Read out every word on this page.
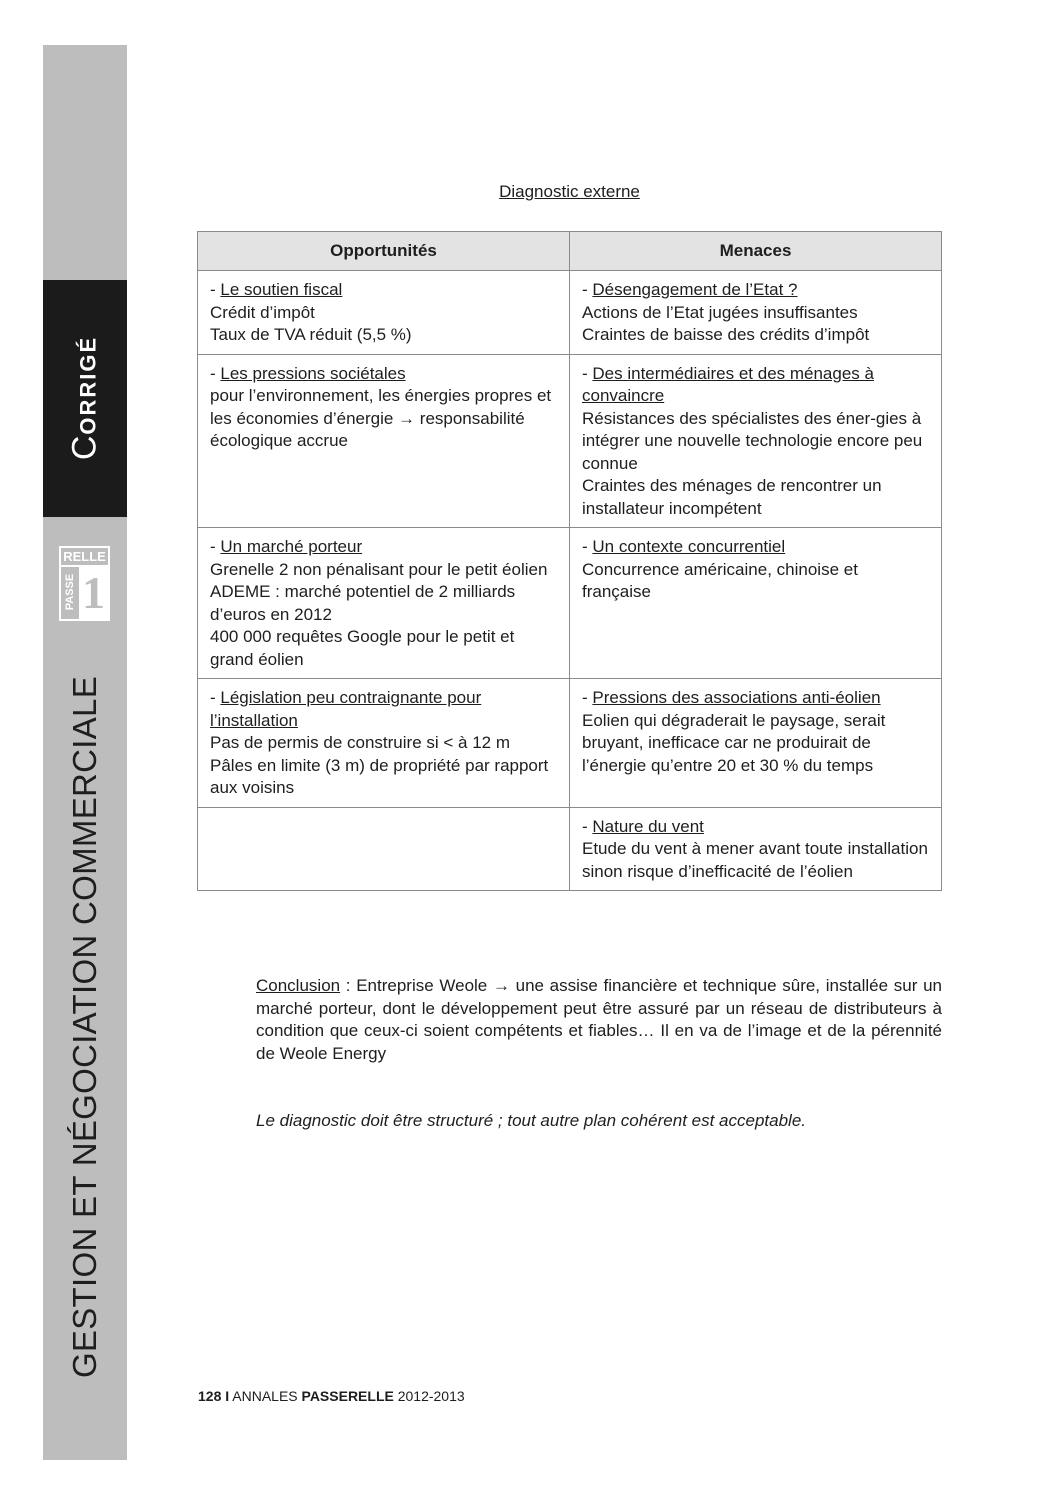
CORRIGÉ
RELLE
PASSE 1
GESTION ET NÉGOCIATION COMMERCIALE
Diagnostic externe
Opportunités	Menaces

- Le soutien fiscal
Crédit d’impôt
Taux de TVA réduit (5,5 %)	- Désengagement de l’Etat ?
Actions de l’Etat jugées insuffisantes
Craintes de baisse des crédits d’impôt

- Les pressions sociétales
pour l’environnement, les énergies propres et les économies d’énergie → responsabilité écologique accrue	- Des intermédiaires et des ménages à convaincre
Résistances des spécialistes des éner-gies à intégrer une nouvelle technologie encore peu connue
Craintes des ménages de rencontrer un installateur incompétent

- Un marché porteur
Grenelle 2 non pénalisant pour le petit éolien
ADEME : marché potentiel de 2 milliards d’euros en 2012
400 000 requêtes Google pour le petit et grand éolien	- Un contexte concurrentiel
Concurrence américaine, chinoise et française

- Législation peu contraignante pour l’installation
Pas de permis de construire si < à 12 m
Pâles en limite (3 m) de propriété par rapport aux voisins	- Pressions des associations anti-éolien
Eolien qui dégraderait le paysage, serait bruyant, inefficace car ne produirait de l’énergie qu’entre 20 et 30 % du temps

	- Nature du vent
Etude du vent à mener avant toute installation sinon risque d’inefficacité de l’éolien
Conclusion : Entreprise Weole → une assise financière et technique sûre, installée sur un marché porteur, dont le développement peut être assuré par un réseau de distributeurs à condition que ceux-ci soient compétents et fiables… Il en va de l’image et de la pérennité de Weole Energy
Le diagnostic doit être structuré ; tout autre plan cohérent est acceptable.
128 I ANNALES PASSERELLE 2012-2013
